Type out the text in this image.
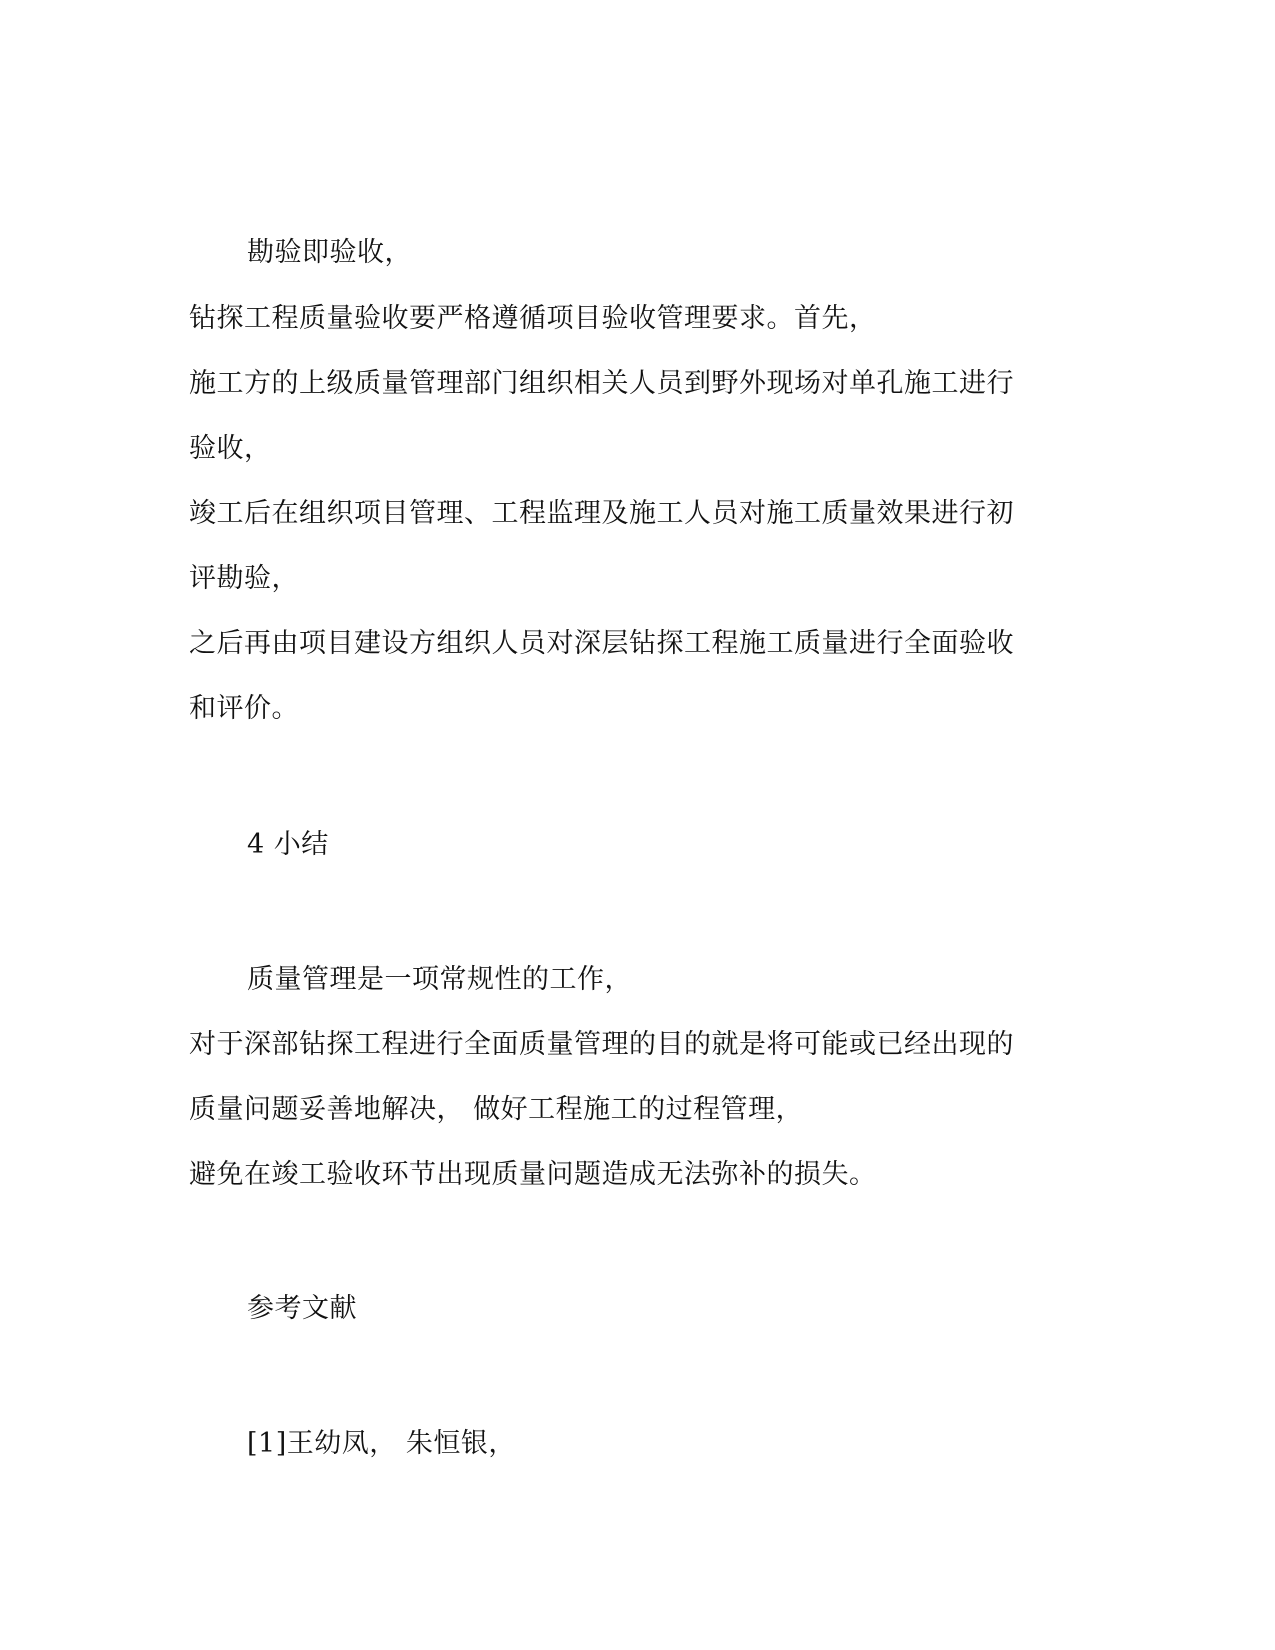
勘验即验收，
钻探工程质量验收要严格遵循项目验收管理要求。首先，
施工方的上级质量管理部门组织相关人员到野外现场对单孔施工进行
验收，
竣工后在组织项目管理、工程监理及施工人员对施工质量效果进行初
评勘验，
之后再由项目建设方组织人员对深层钻探工程施工质量进行全面验收
和评价。
4 小结
质量管理是一项常规性的工作，
对于深部钻探工程进行全面质量管理的目的就是将可能或已经出现的
质量问题妥善地解决， 做好工程施工的过程管理，
避免在竣工验收环节出现质量问题造成无法弥补的损失。
参考文献
[1]王幼凤， 朱恒银，
